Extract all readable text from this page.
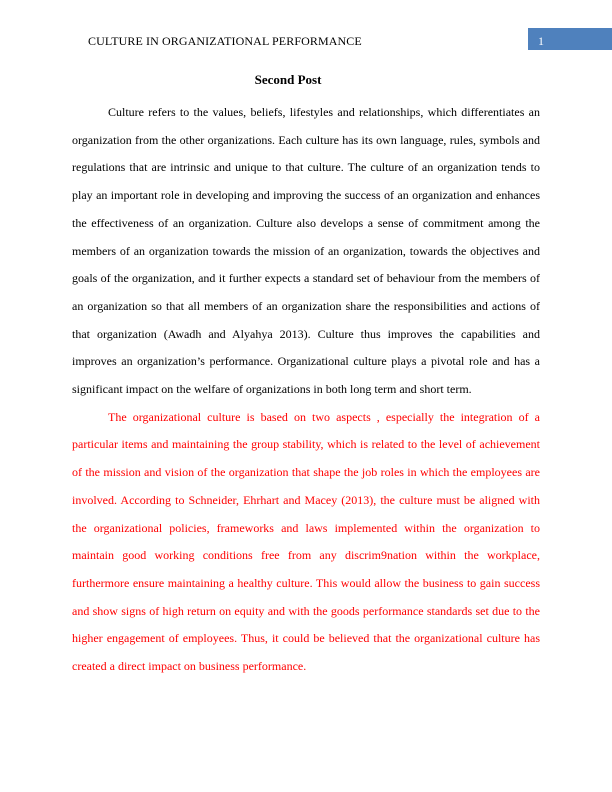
CULTURE IN ORGANIZATIONAL PERFORMANCE	1
Second Post

Culture refers to the values, beliefs, lifestyles and relationships, which differentiates an organization from the other organizations. Each culture has its own language, rules, symbols and regulations that are intrinsic and unique to that culture. The culture of an organization tends to play an important role in developing and improving the success of an organization and enhances the effectiveness of an organization. Culture also develops a sense of commitment among the members of an organization towards the mission of an organization, towards the objectives and goals of the organization, and it further expects a standard set of behaviour from the members of an organization so that all members of an organization share the responsibilities and actions of that organization (Awadh and Alyahya 2013). Culture thus improves the capabilities and improves an organization’s performance. Organizational culture plays a pivotal role and has a significant impact on the welfare of organizations in both long term and short term.

The organizational culture is based on two aspects , especially the integration of a particular items and maintaining the group stability, which is related to the level of achievement of the mission and vision of the organization that shape the job roles in which the employees are involved. According to Schneider, Ehrhart and Macey (2013), the culture must be aligned with the organizational policies, frameworks and laws implemented within the organization to maintain good working conditions free from any discrim9nation within the workplace, furthermore ensure maintaining a healthy culture. This would allow the business to gain success and show signs of high return on equity and with the goods performance standards set due to the higher engagement of employees. Thus, it could be believed that the organizational culture has created a direct impact on business performance.
